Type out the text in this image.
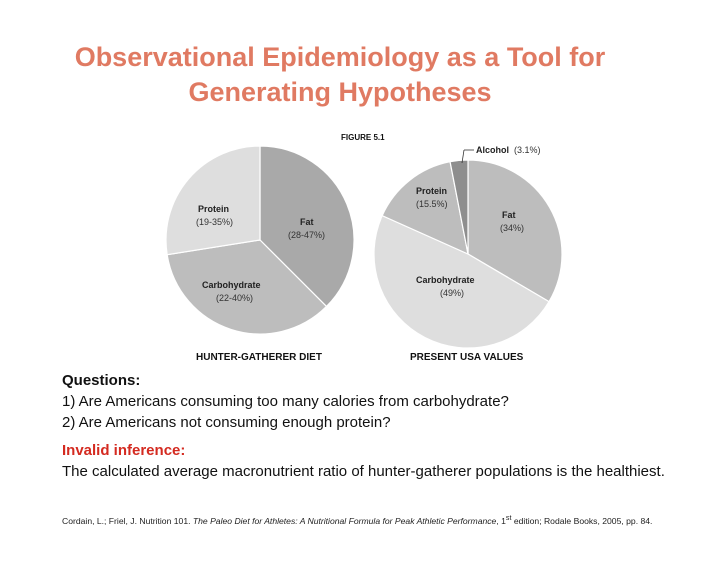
Observational Epidemiology as a Tool for
Generating Hypotheses
FIGURE 5.1
Protein
(19-35%)	Fat
(28-47%)
Carbohydrate
(22-40%)
Protein
(15.5%)
Fat
(34%)
Carbohydrate
(49%)
Alcohol (3.1%)
HUNTER-GATHERER DIET	PRESENT USA VALUES
Questions:
1) Are Americans consuming too many calories from carbohydrate?
2) Are Americans not consuming enough protein?
Invalid inference:
The calculated average macronutrient ratio of hunter-gatherer populations is the healthiest.
Cordain, L.; Friel, J. Nutrition 101. The Paleo Diet for Athletes: A Nutritional Formula for Peak Athletic Performance, 1st edition; Rodale Books, 2005, pp. 84.
